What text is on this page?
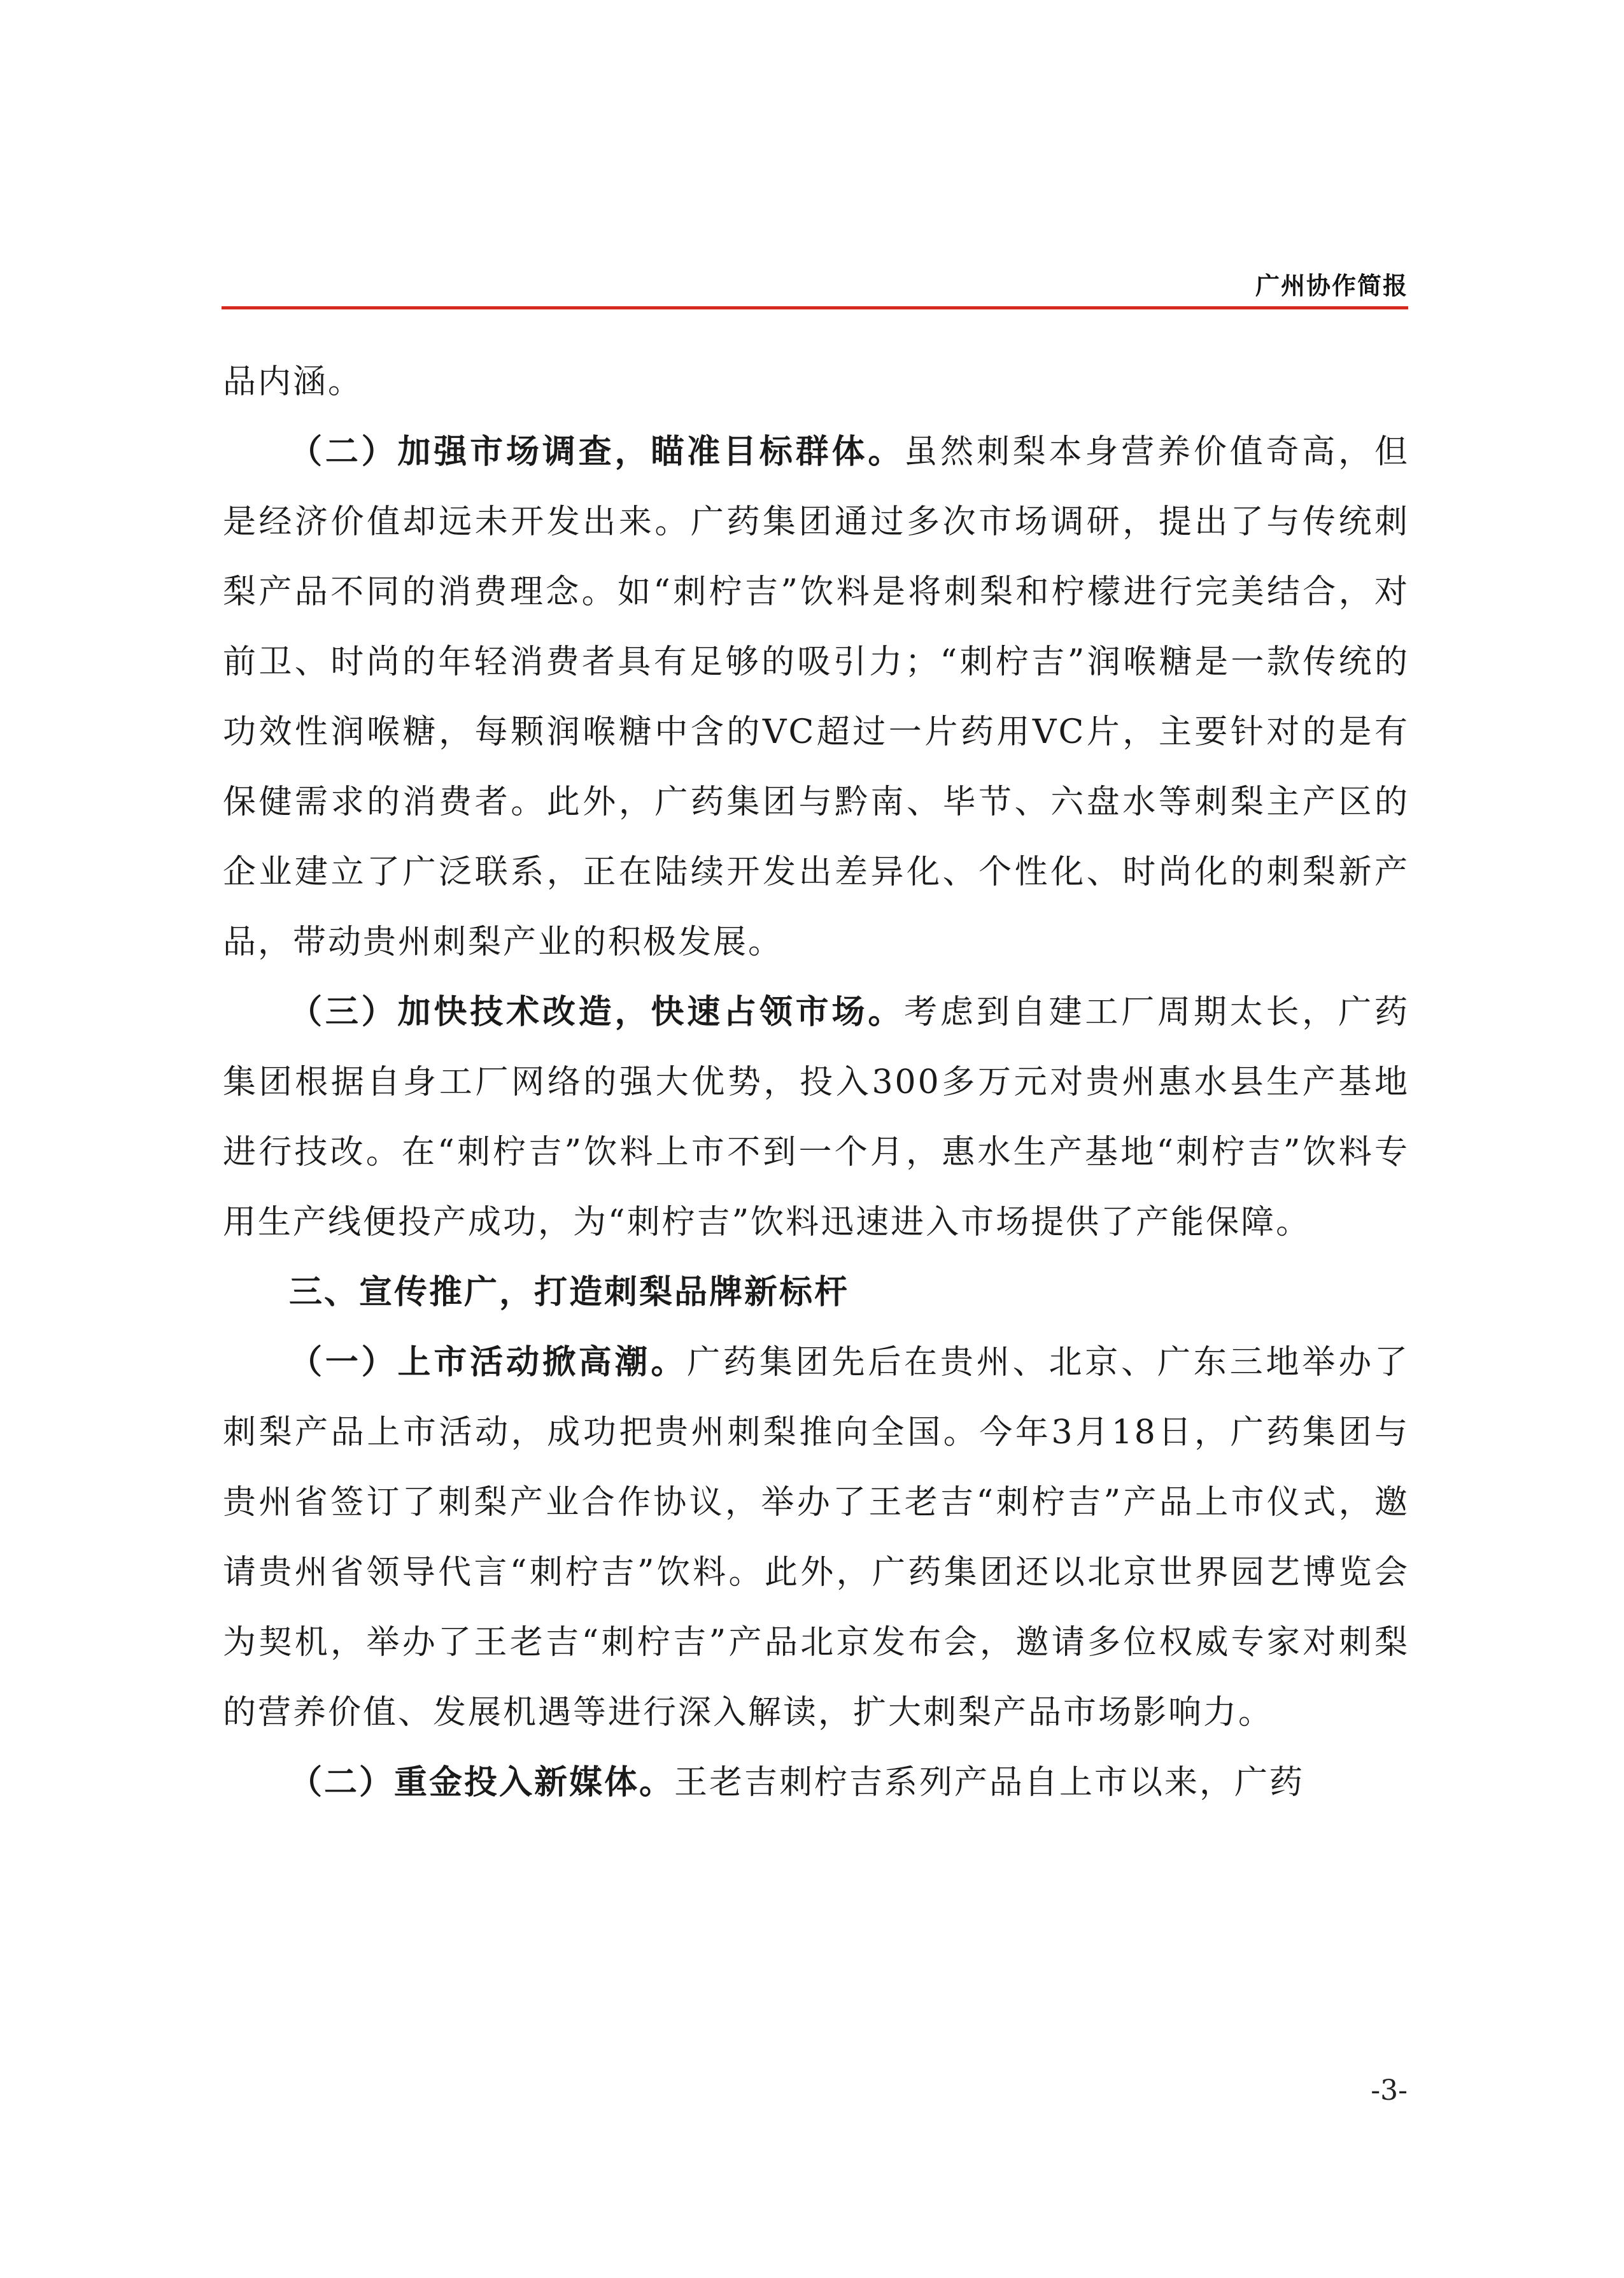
广州协作简报

品内涵。

（二）加强市场调查，瞄准目标群体。虽然刺梨本身营养价值奇高，但是经济价值却远未开发出来。广药集团通过多次市场调研，提出了与传统刺梨产品不同的消费理念。如“刺柠吉”饮料是将刺梨和柠檬进行完美结合，对前卫、时尚的年轻消费者具有足够的吸引力；“刺柠吉”润喉糖是一款传统的功效性润喉糖，每颗润喉糖中含的VC超过一片药用VC片，主要针对的是有保健需求的消费者。此外，广药集团与黔南、毕节、六盘水等刺梨主产区的企业建立了广泛联系，正在陆续开发出差异化、个性化、时尚化的刺梨新产品，带动贵州刺梨产业的积极发展。

（三）加快技术改造，快速占领市场。考虑到自建工厂周期太长，广药集团根据自身工厂网络的强大优势，投入300多万元对贵州惠水县生产基地进行技改。在“刺柠吉”饮料上市不到一个月，惠水生产基地“刺柠吉”饮料专用生产线便投产成功，为“刺柠吉”饮料迅速进入市场提供了产能保障。

三、宣传推广，打造刺梨品牌新标杆

（一）上市活动掀高潮。广药集团先后在贵州、北京、广东三地举办了刺梨产品上市活动，成功把贵州刺梨推向全国。今年3月18日，广药集团与贵州省签订了刺梨产业合作协议，举办了王老吉“刺柠吉”产品上市仪式，邀请贵州省领导代言“刺柠吉”饮料。此外，广药集团还以北京世界园艺博览会为契机，举办了王老吉“刺柠吉”产品北京发布会，邀请多位权威专家对刺梨的营养价值、发展机遇等进行深入解读，扩大刺梨产品市场影响力。

（二）重金投入新媒体。王老吉刺柠吉系列产品自上市以来，广药

-3-
